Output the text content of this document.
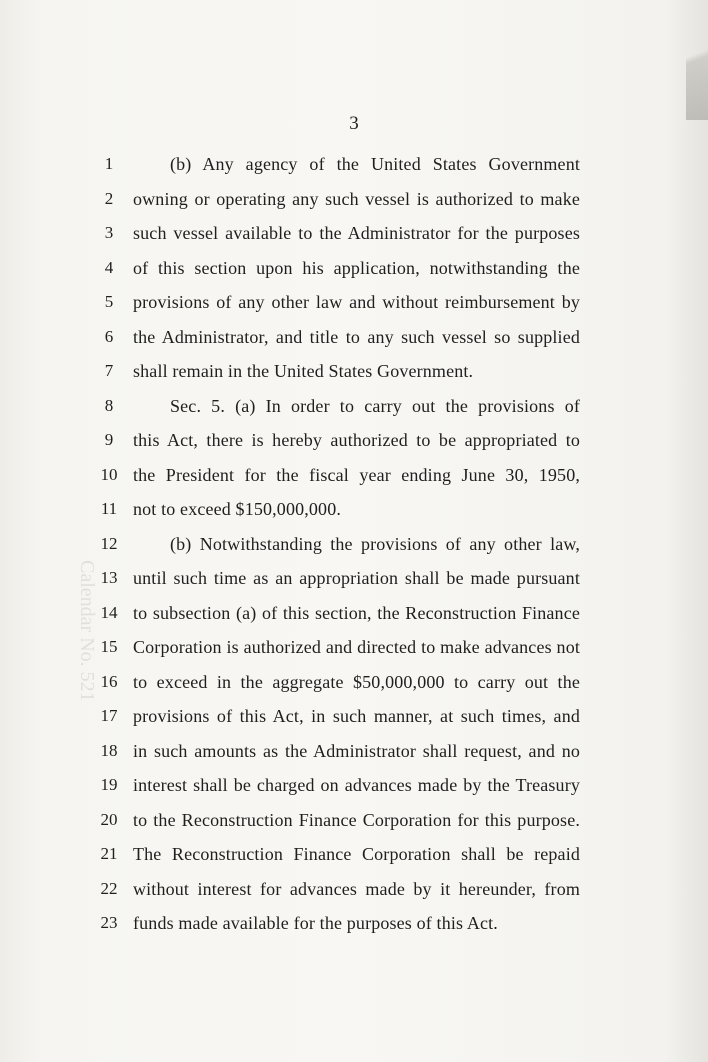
Calendar No. 521
3
1	(b) Any agency of the United States Government
2	owning or operating any such vessel is authorized to make
3	such vessel available to the Administrator for the purposes
4	of this section upon his application, notwithstanding the
5	provisions of any other law and without reimbursement by
6	the Administrator, and title to any such vessel so supplied
7	shall remain in the United States Government.
8	Sec. 5. (a) In order to carry out the provisions of
9	this Act, there is hereby authorized to be appropriated to
10 the President for the fiscal year ending June 30, 1950,
11 not to exceed $150,000,000.
12	(b) Notwithstanding the provisions of any other law,
13 until such time as an appropriation shall be made pursuant
14 to subsection (a) of this section, the Reconstruction Finance
15 Corporation is authorized and directed to make advances not
16 to exceed in the aggregate $50,000,000 to carry out the
17 provisions of this Act, in such manner, at such times, and
18 in such amounts as the Administrator shall request, and no
19 interest shall be charged on advances made by the Treasury
20 to the Reconstruction Finance Corporation for this purpose.
21 The Reconstruction Finance Corporation shall be repaid
22 without interest for advances made by it hereunder, from
23 funds made available for the purposes of this Act.
